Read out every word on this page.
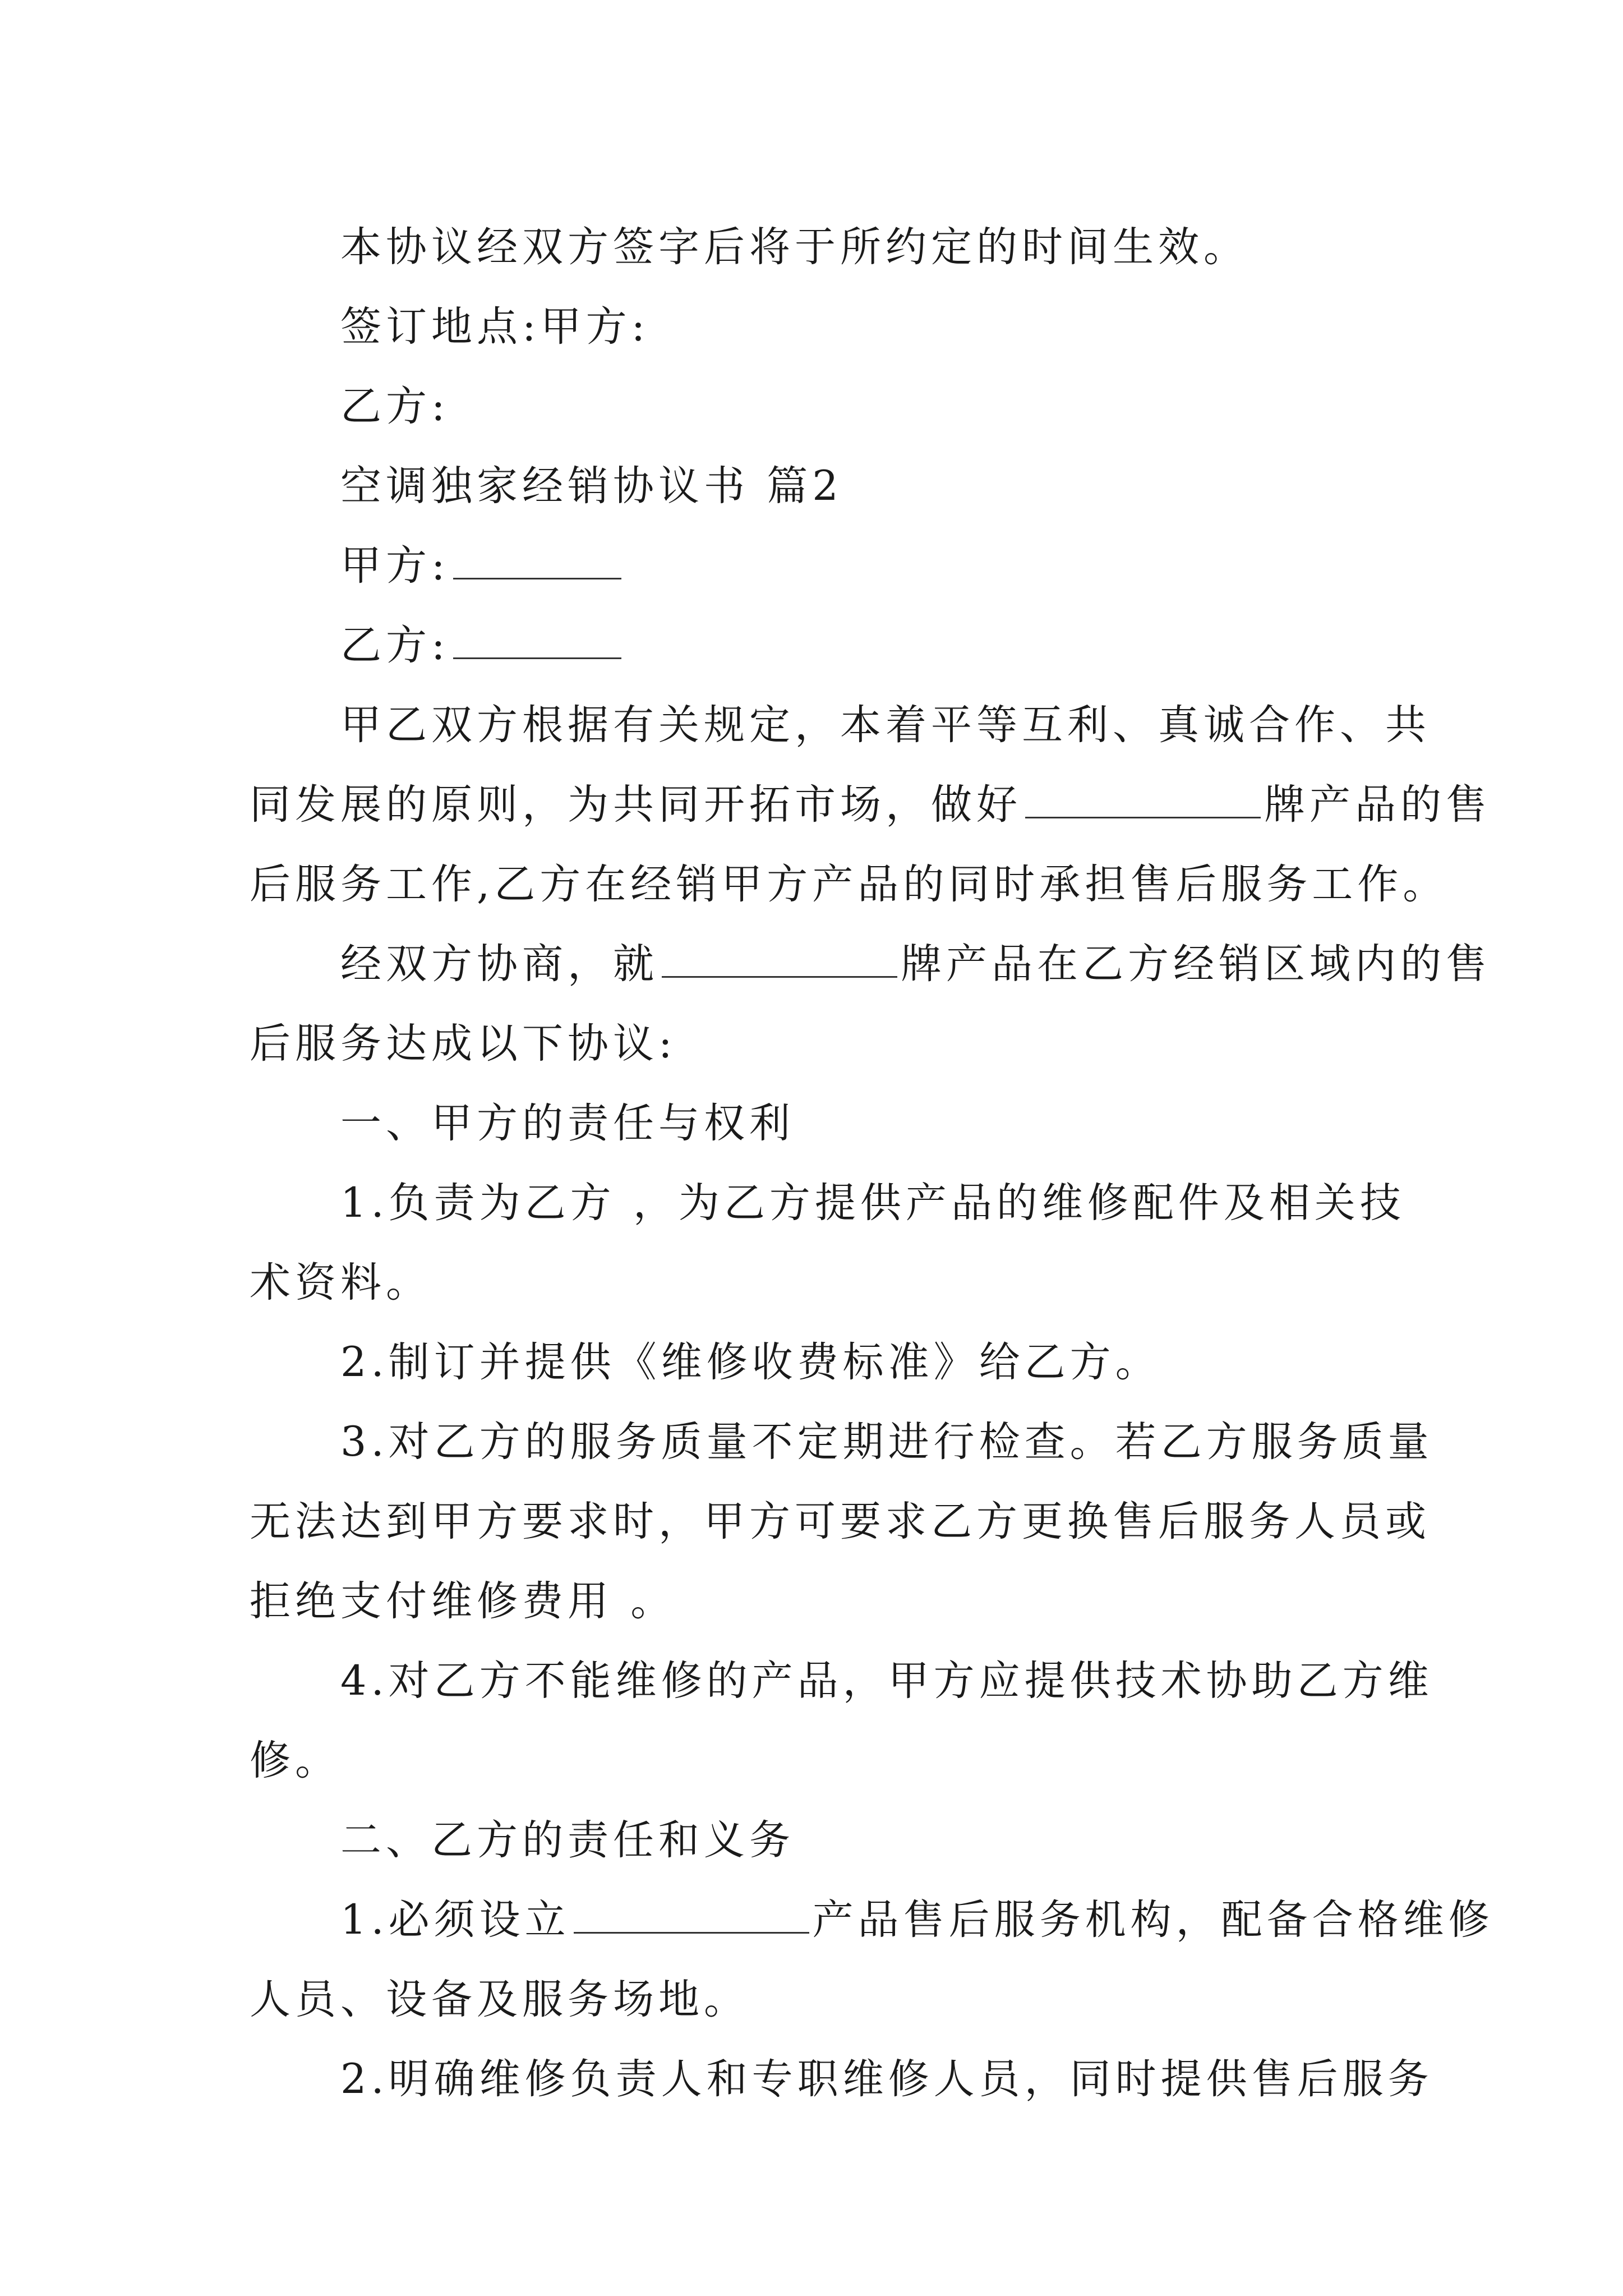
本协议经双方签字后将于所约定的时间生效。
签订地点:甲方:
乙方:
空调独家经销协议书 篇2
甲方:
乙方:
甲乙双方根据有关规定，本着平等互利、真诚合作、共
同发展的原则，为共同开拓市场，做好	牌产品的售
后服务工作,乙方在经销甲方产品的同时承担售后服务工作。
经双方协商，就	牌产品在乙方经销区域内的售
后服务达成以下协议:
一、甲方的责任与权利
1.负责为乙方 ，为乙方提供产品的维修配件及相关技
术资料。
2.制订并提供《维修收费标准》给乙方。
3.对乙方的服务质量不定期进行检查。若乙方服务质量
无法达到甲方要求时，甲方可要求乙方更换售后服务人员或
拒绝支付维修费用 。
4.对乙方不能维修的产品，甲方应提供技术协助乙方维
修。
二、乙方的责任和义务
1.必须设立	产品售后服务机构，配备合格维修
人员、设备及服务场地。
2.明确维修负责人和专职维修人员，同时提供售后服务
